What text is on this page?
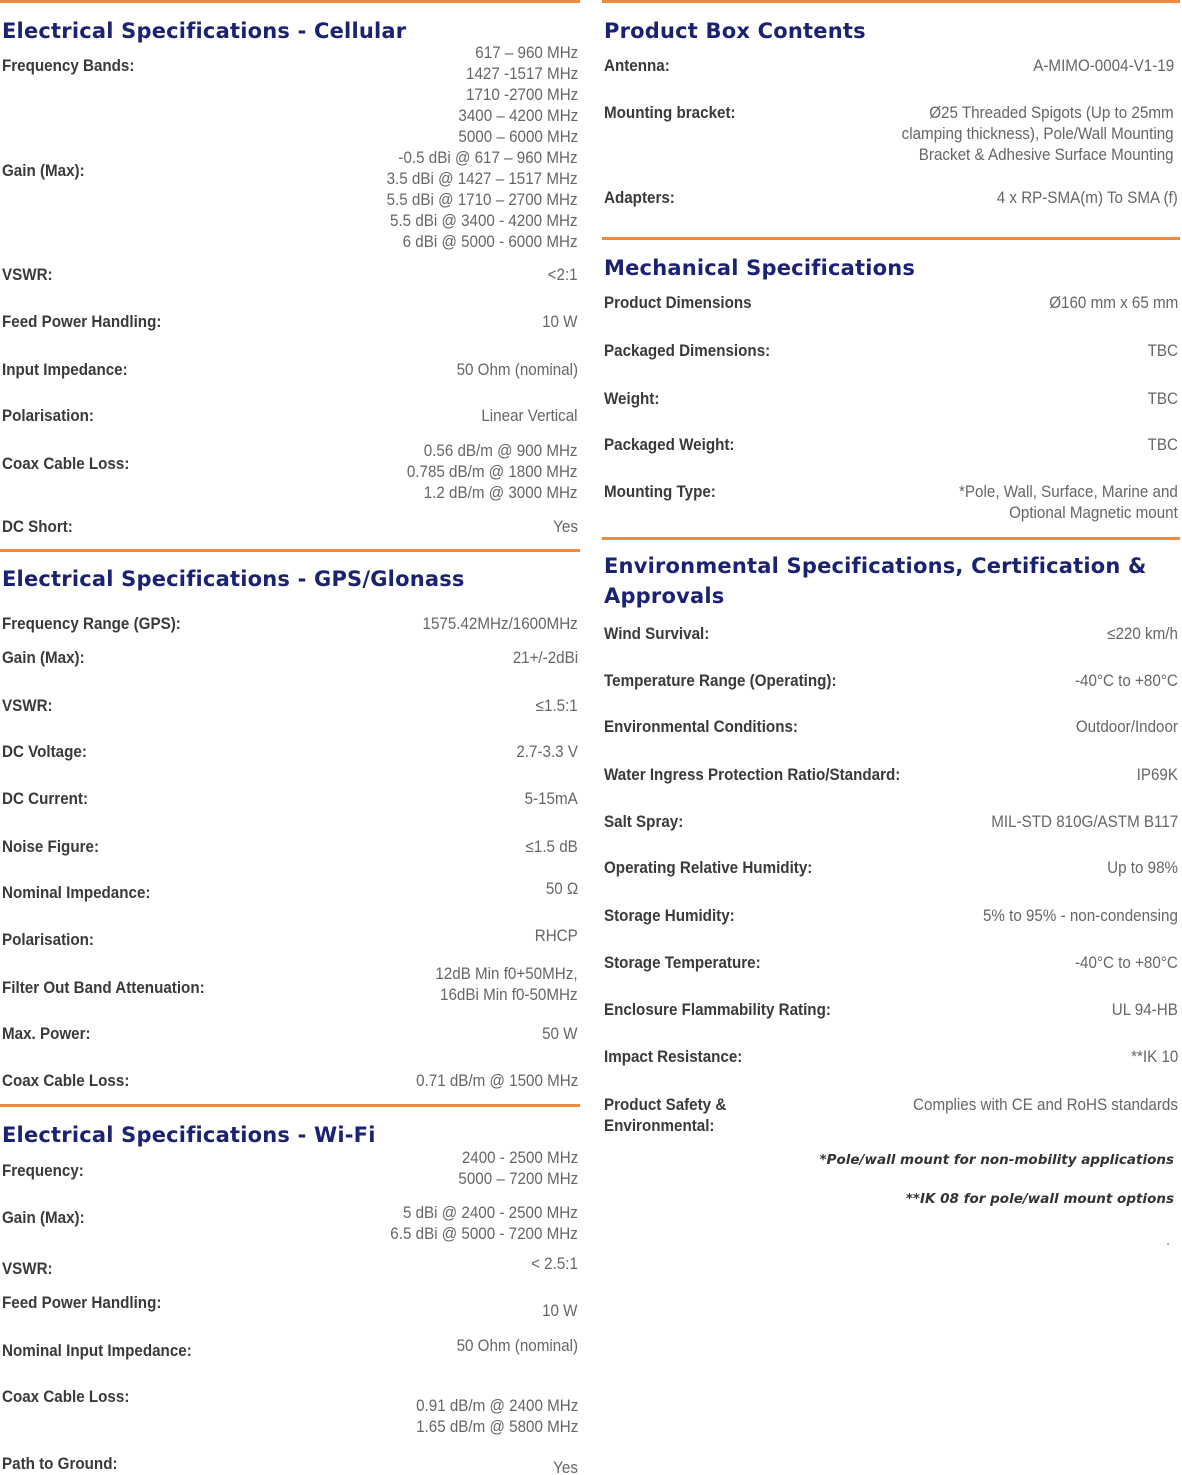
Electrical Specifications - Cellular
Frequency Bands:
617 – 960 MHz
1427 -1517 MHz
1710 -2700 MHz
3400 – 4200 MHz
5000 – 6000 MHz
Gain (Max):
-0.5 dBi @ 617 – 960 MHz
3.5 dBi @ 1427 – 1517 MHz
5.5 dBi @ 1710 – 2700 MHz
5.5 dBi @ 3400 - 4200 MHz
6 dBi @ 5000 - 6000 MHz
VSWR:	<2:1
Feed Power Handling:	10 W
Input Impedance:	50 Ohm (nominal)
Polarisation:	Linear Vertical
Coax Cable Loss:
0.56 dB/m @ 900 MHz
0.785 dB/m @ 1800 MHz
1.2 dB/m @ 3000 MHz
DC Short:	Yes
Electrical Specifications - GPS/Glonass
Frequency Range (GPS):	1575.42MHz/1600MHz
Gain (Max):	21+/-2dBi
VSWR:	≤1.5:1
DC Voltage:	2.7-3.3 V
DC Current:	5-15mA
Noise Figure:	≤1.5 dB
Nominal Impedance:	50 Ω
Polarisation:	RHCP
Filter Out Band Attenuation:
12dB Min f0+50MHz,
16dBi Min f0-50MHz
Max. Power:	50 W
Coax Cable Loss:	0.71 dB/m @ 1500 MHz
Electrical Specifications - Wi-Fi
Frequency:
2400 - 2500 MHz
5000 – 7200 MHz
Gain (Max):	5 dBi @ 2400 - 2500 MHz
6.5 dBi @ 5000 - 7200 MHz
VSWR:	< 2.5:1
Feed Power Handling:	10 W
Nominal Input Impedance:	50 Ohm (nominal)
Coax Cable Loss:	0.91 dB/m @ 2400 MHz
1.65 dB/m @ 5800 MHz
Path to Ground:	Yes
Product Box Contents
Antenna:	A-MIMO-0004-V1-19
Mounting bracket:	Ø25 Threaded Spigots (Up to 25mm
clamping thickness), Pole/Wall Mounting
Bracket & Adhesive Surface Mounting
Adapters:	4 x RP-SMA(m) To SMA (f)
Mechanical Specifications
Product Dimensions	Ø160 mm x 65 mm
Packaged Dimensions:	TBC
Weight:	TBC
Packaged Weight:	TBC
Mounting Type:	*Pole, Wall, Surface, Marine and
Optional Magnetic mount
Environmental Specifications, Certification &
Approvals
Wind Survival:	≤220 km/h
Temperature Range (Operating):	-40°C to +80°C
Environmental Conditions:	Outdoor/Indoor
Water Ingress Protection Ratio/Standard:	IP69K
Salt Spray:	MIL-STD 810G/ASTM B117
Operating Relative Humidity:	Up to 98%
Storage Humidity:	5% to 95% - non-condensing
Storage Temperature:	-40°C to +80°C
Enclosure Flammability Rating:	UL 94-HB
Impact Resistance:	**IK 10
Product Safety &
Environmental:
Complies with CE and RoHS standards
*Pole/wall mount for non-mobility applications
**IK 08 for pole/wall mount options
.
